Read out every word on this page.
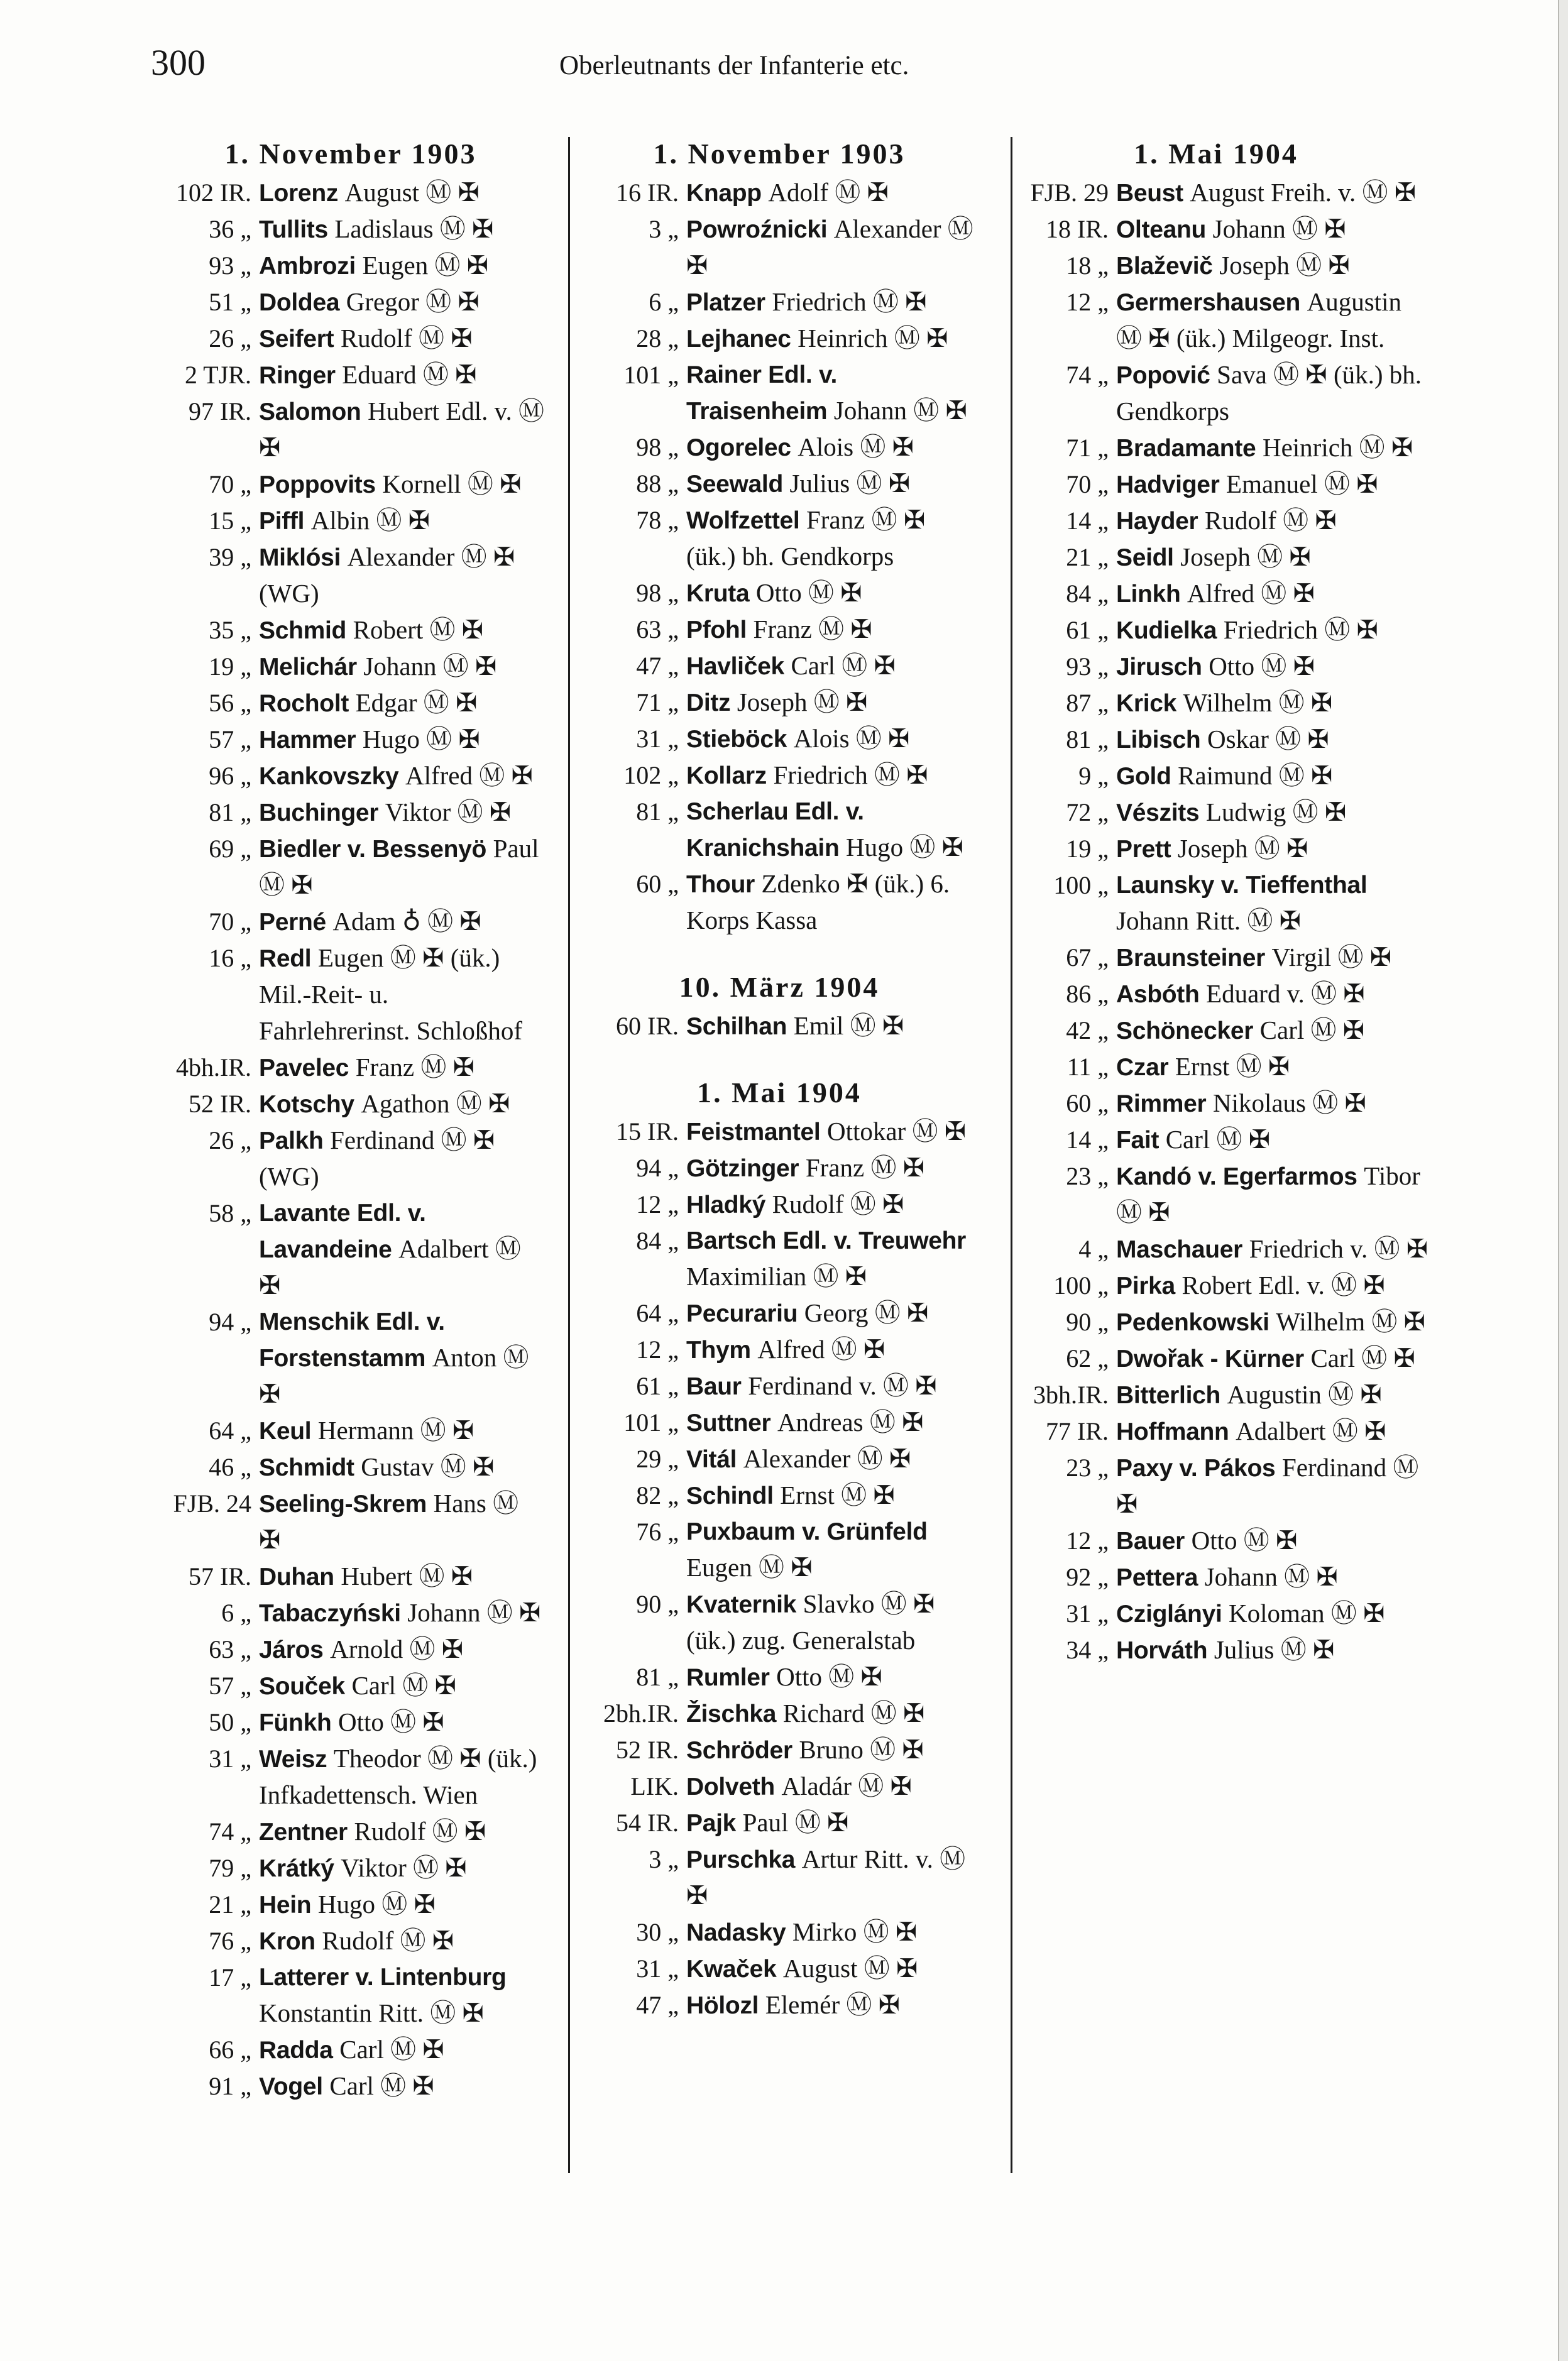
300	Oberleutnants der Infanterie etc.
1. November 1903
102 IR. Lorenz August Ⓜ ✠
36 „ Tullits Ladislaus Ⓜ ✠
93 „ Ambrozi Eugen Ⓜ ✠
51 „ Doldea Gregor Ⓜ ✠
26 „ Seifert Rudolf Ⓜ ✠
2 TJR. Ringer Eduard Ⓜ ✠
97 IR. Salomon Hubert Edl. v. Ⓜ ✠
70 „ Poppovits Kornell Ⓜ ✠
15 „ Piffl Albin Ⓜ ✠
39 „ Miklósi Alexander Ⓜ ✠ (WG)
35 „ Schmid Robert Ⓜ ✠
19 „ Melichár Johann Ⓜ ✠
56 „ Rocholt Edgar Ⓜ ✠
57 „ Hammer Hugo Ⓜ ✠
96 „ Kankovszky Alfred Ⓜ ✠
81 „ Buchinger Viktor Ⓜ ✠
69 „ Biedler v. Bessenyö Paul Ⓜ ✠
70 „ Perné Adam ♁ Ⓜ ✠
16 „ Redl Eugen Ⓜ ✠ (ük.) Mil.-Reit- u. Fahrlehrerinst. Schloßhof
4bh.IR. Pavelec Franz Ⓜ ✠
52 IR. Kotschy Agathon Ⓜ ✠
26 „ Palkh Ferdinand Ⓜ ✠ (WG)
58 „ Lavante Edl. v. Lavandeine Adalbert Ⓜ ✠
94 „ Menschik Edl. v. Forstenstamm Anton Ⓜ ✠
64 „ Keul Hermann Ⓜ ✠
46 „ Schmidt Gustav Ⓜ ✠
FJB. 24 Seeling-Skrem Hans Ⓜ ✠
57 IR. Duhan Hubert Ⓜ ✠
6 „ Tabaczyński Johann Ⓜ ✠
63 „ Járos Arnold Ⓜ ✠
57 „ Souček Carl Ⓜ ✠
50 „ Fünkh Otto Ⓜ ✠
31 „ Weisz Theodor Ⓜ ✠ (ük.) Infkadettensch. Wien
74 „ Zentner Rudolf Ⓜ ✠
79 „ Krátký Viktor Ⓜ ✠
21 „ Hein Hugo Ⓜ ✠
76 „ Kron Rudolf Ⓜ ✠
17 „ Latterer v. Lintenburg Konstantin Ritt. Ⓜ ✠
66 „ Radda Carl Ⓜ ✠
91 „ Vogel Carl Ⓜ ✠
1. November 1903
16 IR. Knapp Adolf Ⓜ ✠
3 „ Powroźnicki Alexander Ⓜ ✠
6 „ Platzer Friedrich Ⓜ ✠
28 „ Lejhanec Heinrich Ⓜ ✠
101 „ Rainer Edl. v. Traisenheim Johann Ⓜ ✠
98 „ Ogorelec Alois Ⓜ ✠
88 „ Seewald Julius Ⓜ ✠
78 „ Wolfzettel Franz Ⓜ ✠ (ük.) bh. Gendkorps
98 „ Kruta Otto Ⓜ ✠
63 „ Pfohl Franz Ⓜ ✠
47 „ Havliček Carl Ⓜ ✠
71 „ Ditz Joseph Ⓜ ✠
31 „ Stieböck Alois Ⓜ ✠
102 „ Kollarz Friedrich Ⓜ ✠
81 „ Scherlau Edl. v. Kranichshain Hugo Ⓜ ✠
60 „ Thour Zdenko ✠ (ük.) 6. Korps Kassa
10. März 1904
60 IR. Schilhan Emil Ⓜ ✠
1. Mai 1904
15 IR. Feistmantel Ottokar Ⓜ ✠
94 „ Götzinger Franz Ⓜ ✠
12 „ Hladký Rudolf Ⓜ ✠
84 „ Bartsch Edl. v. Treuwehr Maximilian Ⓜ ✠
64 „ Pecurariu Georg Ⓜ ✠
12 „ Thym Alfred Ⓜ ✠
61 „ Baur Ferdinand v. Ⓜ ✠
101 „ Suttner Andreas Ⓜ ✠
29 „ Vitál Alexander Ⓜ ✠
82 „ Schindl Ernst Ⓜ ✠
76 „ Puxbaum v. Grünfeld Eugen Ⓜ ✠
90 „ Kvaternik Slavko Ⓜ ✠ (ük.) zug. Generalstab
81 „ Rumler Otto Ⓜ ✠
2bh.IR. Žischka Richard Ⓜ ✠
52 IR. Schröder Bruno Ⓜ ✠
LIK. Dolveth Aladár Ⓜ ✠
54 IR. Pajk Paul Ⓜ ✠
3 „ Purschka Artur Ritt. v. Ⓜ ✠
30 „ Nadasky Mirko Ⓜ ✠
31 „ Kwaček August Ⓜ ✠
47 „ Hölozl Elemér Ⓜ ✠
1. Mai 1904
FJB. 29 Beust August Freih. v. Ⓜ ✠
18 IR. Olteanu Johann Ⓜ ✠
18 „ Blaževič Joseph Ⓜ ✠
12 „ Germershausen Augustin Ⓜ ✠ (ük.) Milgeogr. Inst.
74 „ Popović Sava Ⓜ ✠ (ük.) bh. Gendkorps
71 „ Bradamante Heinrich Ⓜ ✠
70 „ Hadviger Emanuel Ⓜ ✠
14 „ Hayder Rudolf Ⓜ ✠
21 „ Seidl Joseph Ⓜ ✠
84 „ Linkh Alfred Ⓜ ✠
61 „ Kudielka Friedrich Ⓜ ✠
93 „ Jirusch Otto Ⓜ ✠
87 „ Krick Wilhelm Ⓜ ✠
81 „ Libisch Oskar Ⓜ ✠
9 „ Gold Raimund Ⓜ ✠
72 „ Vészits Ludwig Ⓜ ✠
19 „ Prett Joseph Ⓜ ✠
100 „ Launsky v. Tieffenthal Johann Ritt. Ⓜ ✠
67 „ Braunsteiner Virgil Ⓜ ✠
86 „ Asbóth Eduard v. Ⓜ ✠
42 „ Schönecker Carl Ⓜ ✠
11 „ Czar Ernst Ⓜ ✠
60 „ Rimmer Nikolaus Ⓜ ✠
14 „ Fait Carl Ⓜ ✠
23 „ Kandó v. Egerfarmos Tibor Ⓜ ✠
4 „ Maschauer Friedrich v. Ⓜ ✠
100 „ Pirka Robert Edl. v. Ⓜ ✠
90 „ Pedenkowski Wilhelm Ⓜ ✠
62 „ Dwořak - Kürner Carl Ⓜ ✠
3bh.IR. Bitterlich Augustin Ⓜ ✠
77 IR. Hoffmann Adalbert Ⓜ ✠
23 „ Paxy v. Pákos Ferdinand Ⓜ ✠
12 „ Bauer Otto Ⓜ ✠
92 „ Pettera Johann Ⓜ ✠
31 „ Cziglányi Koloman Ⓜ ✠
34 „ Horváth Julius Ⓜ ✠
